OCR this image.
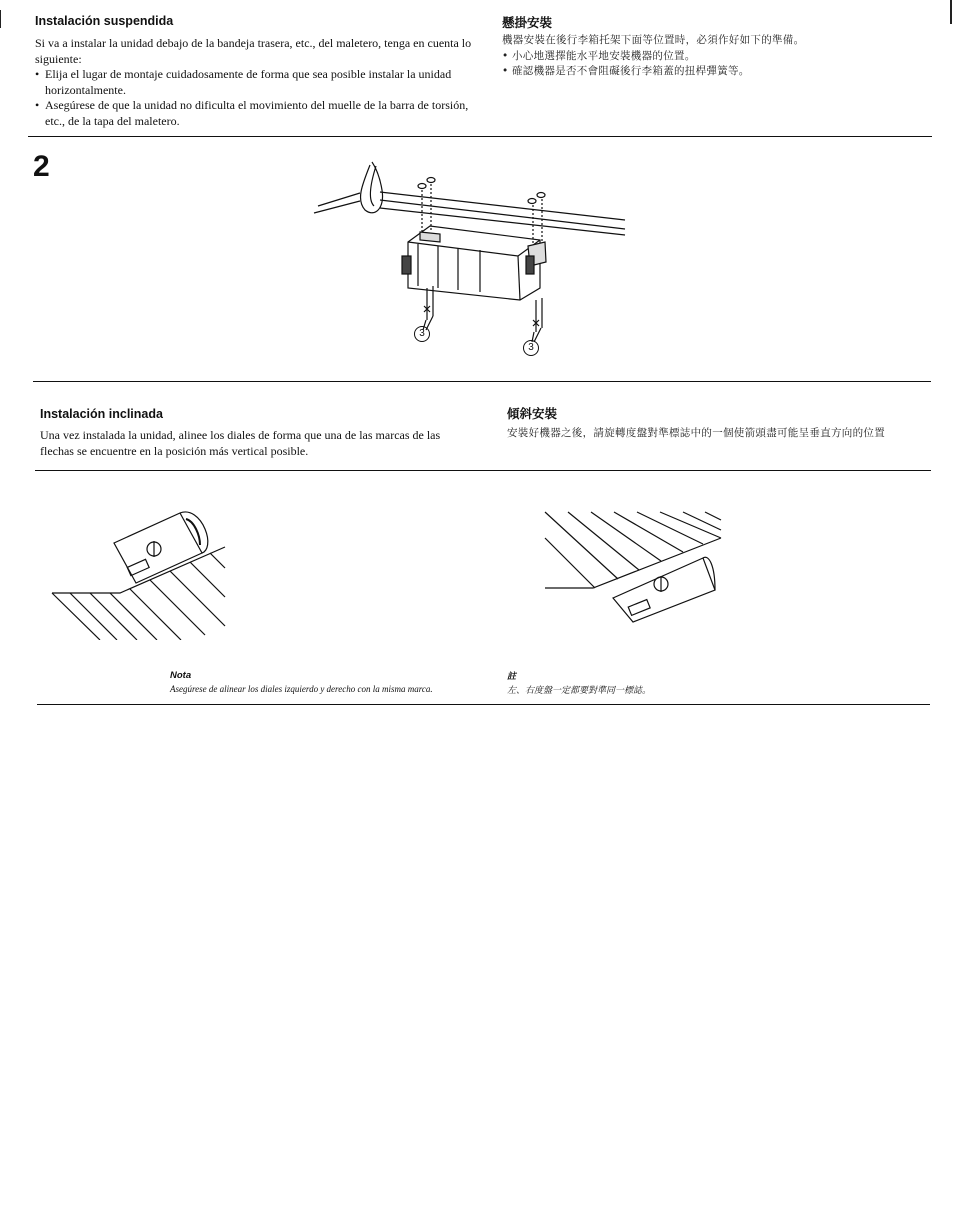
Instalación suspendida
Si va a instalar la unidad debajo de la bandeja trasera, etc., del maletero, tenga en cuenta lo siguiente:
• Elija el lugar de montaje cuidadosamente de forma que sea posible instalar la unidad horizontalmente.
• Asegúrese de que la unidad no dificulta el movimiento del muelle de la barra de torsión, etc., de la tapa del maletero.
懸掛安裝
機器安裝在後行李箱托架下面等位置時，必須作好如下的準備。
• 小心地選擇能水平地安裝機器的位置。
• 確認機器是否不會阻礙後行李箱蓋的扭桿彈簧等。
2
3
3
Instalación inclinada
Una vez instalada la unidad, alinee los diales de forma que una de las marcas de las flechas se encuentre en la posición más vertical posible.
傾斜安裝
安裝好機器之後，請旋轉度盤對準標誌中的一個使箭頭盡可能呈垂直方向的位置
Nota
Asegúrese de alinear los diales izquierdo y derecho con la misma marca.
註
左、右度盤一定都要對準同一標誌。
